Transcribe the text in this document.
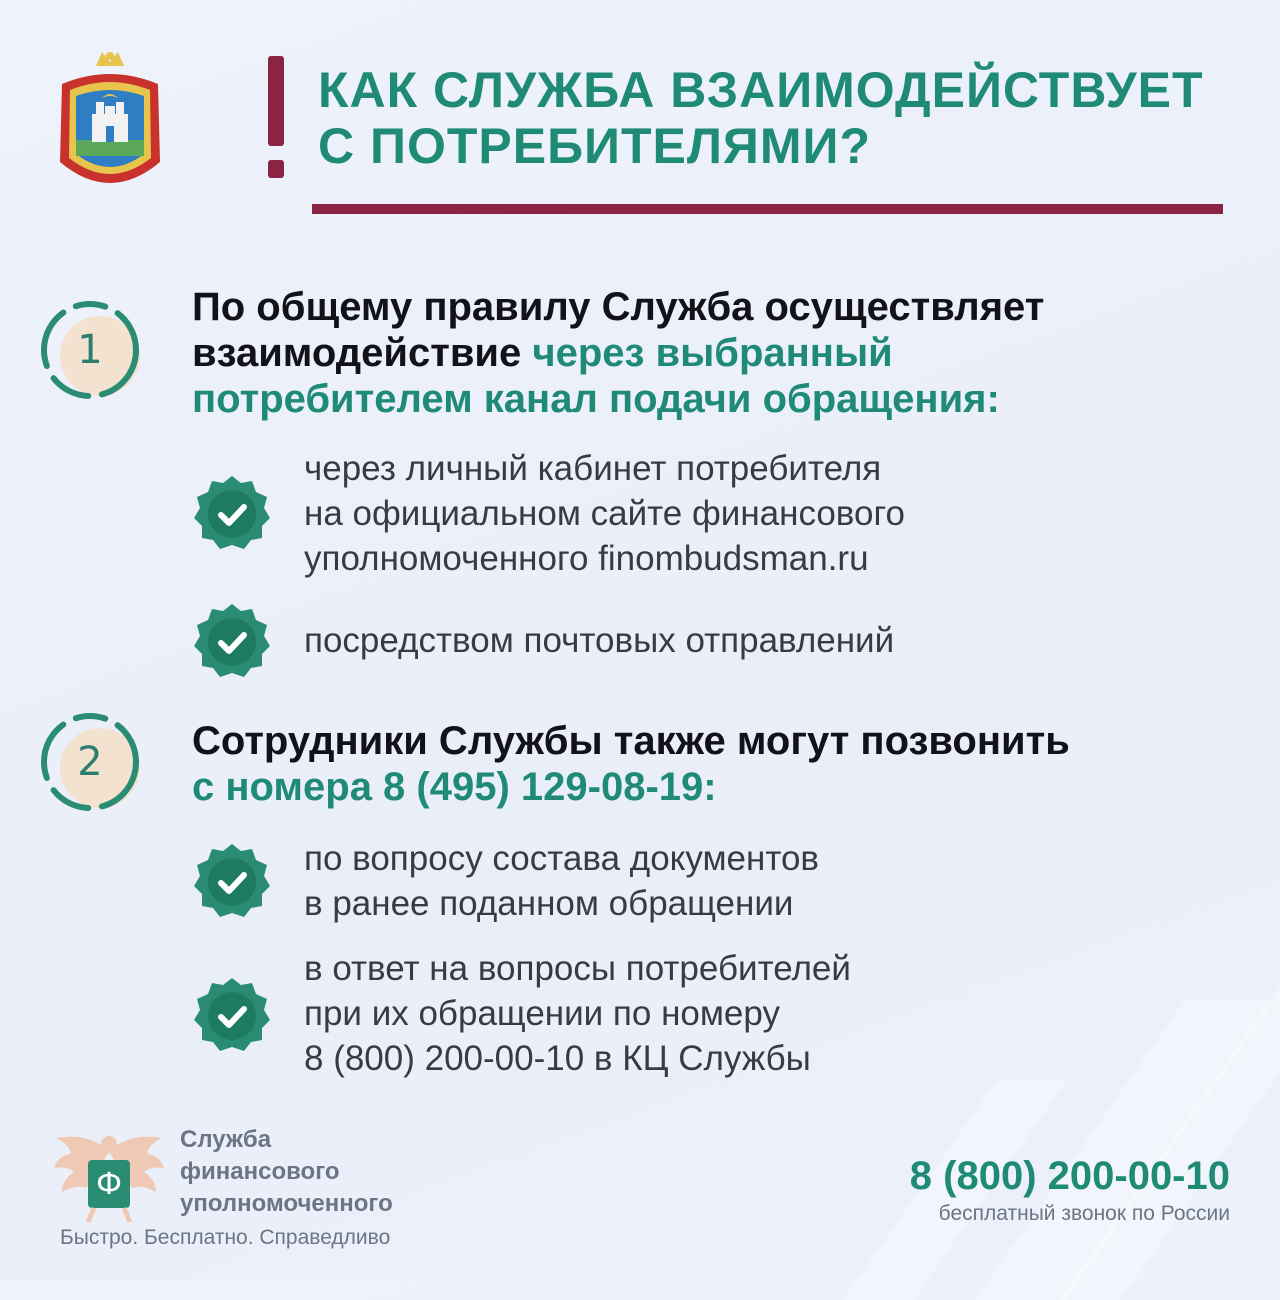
КАК СЛУЖБА ВЗАИМОДЕЙСТВУЕТ
С ПОТРЕБИТЕЛЯМИ?
1
По общему правилу Служба осуществляет
взаимодействие через выбранный
потребителем канал подачи обращения:
через личный кабинет потребителя
на официальном сайте финансового
уполномоченного finombudsman.ru
посредством почтовых отправлений
2	Сотрудники Службы также могут позвонить
с номера 8 (495) 129-08-19:
по вопросу состава документов
в ранее поданном обращении
в ответ на вопросы потребителей
при их обращении по номеру
8 (800) 200-00-10 в КЦ Службы
Ф
Служба
финансового
уполномоченного
Быстро. Бесплатно. Справедливо
8 (800) 200-00-10
бесплатный звонок по России
